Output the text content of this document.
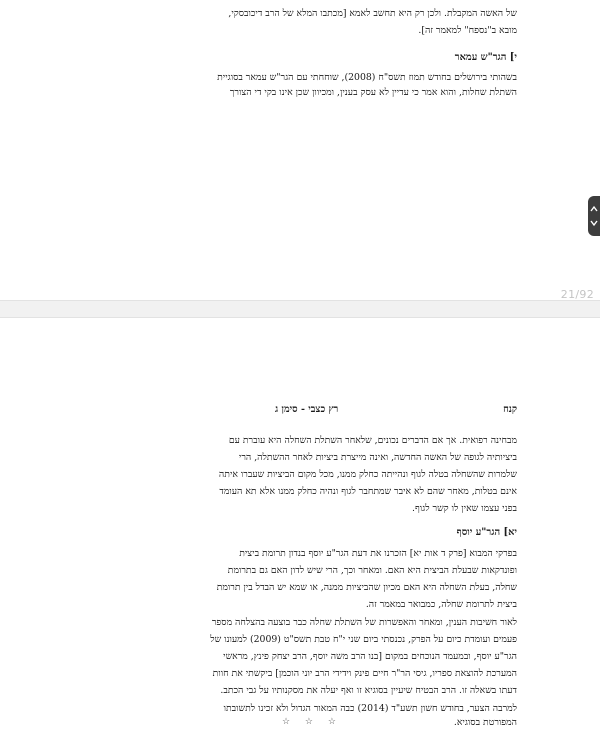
של האשה המקבלת. ולכן רק היא תחשב לאמא [מכתבו המלא של הרב דיכובסקי,
מובא ב"נספח" למאמר זה].
י] הגר"ש עמאר
בשהותי בירושלים בחודש תמוז תשס"ח (2008), שוחחתי עם הגר"ש עמאר בסוגיית
השתלת שחלות, והוא אמר כי עדיין לא עסק בענין, ומכיוון שכן אינו בקי די הצורך
21/92
קנח
רץ כצבי - סימן ג
מבחינה רפואית. אך אם הדברים נכונים, שלאחר השתלת השחלה היא עוברת עם
ביציותיה לגופה של האשה החדשה, ואינה מייצרת ביציות לאחר ההשתלה, הרי
שלמרות שהשחלה בטלה לגוף ונהייתה כחלק ממנו, מכל מקום הביציות שעברו איתה
אינם בטלות, מאחר שהם לא איבר שמתחבר לגוף ונהיה כחלק ממנו אלא תא העומד
בפני עצמו שאין לו קשר לגוף.
יא] הגר"ע יוסף
בפרקי המבוא [פרק ד אות יא] הזכרנו את דעת הגר"ע יוסף בנדון תרומת ביצית
ופונדקאות שבעלת הביצית היא האם. ומאחר וכך, הרי שיש לדון האם גם בתרומת
שחלה, בעלת השחלה היא האם מכיון שהביציות ממנה, או שמא יש הבדל בין תרומת
ביצית לתרומת שחלה, כמבואר במאמר זה.
לאור חשיבות הענין, ומאחר והאפשרות של השתלת שחלה כבר בוצעה בהצלחה מספר
פעמים ועומדת כיום על הפרק, נכנסתי ביום שני י"ח טבת תשס"ט (2009) למעונו של
הגר"ע יוסף, ובמעמד הנוכחים במקום [בנו הרב משה יוסף, הרב יצחק פינץ, מראשי
המערכת להוצאת ספריו, גיסי הר"ר חיים פינק וידידי הרב יוני הוכמן] ביקשתי את חוות
דעתו בשאלה זו. הרב הבטיח שיעיין בסוגיא זו ואף יעלה את מסקנותיו על גבי הכתב.
למרבה הצער, בחודש חשון תשע"ד (2014) כבה המאור הגדול ולא זכינו לתשובתו
המפורטת בסוגיא.
☆ ☆ ☆
